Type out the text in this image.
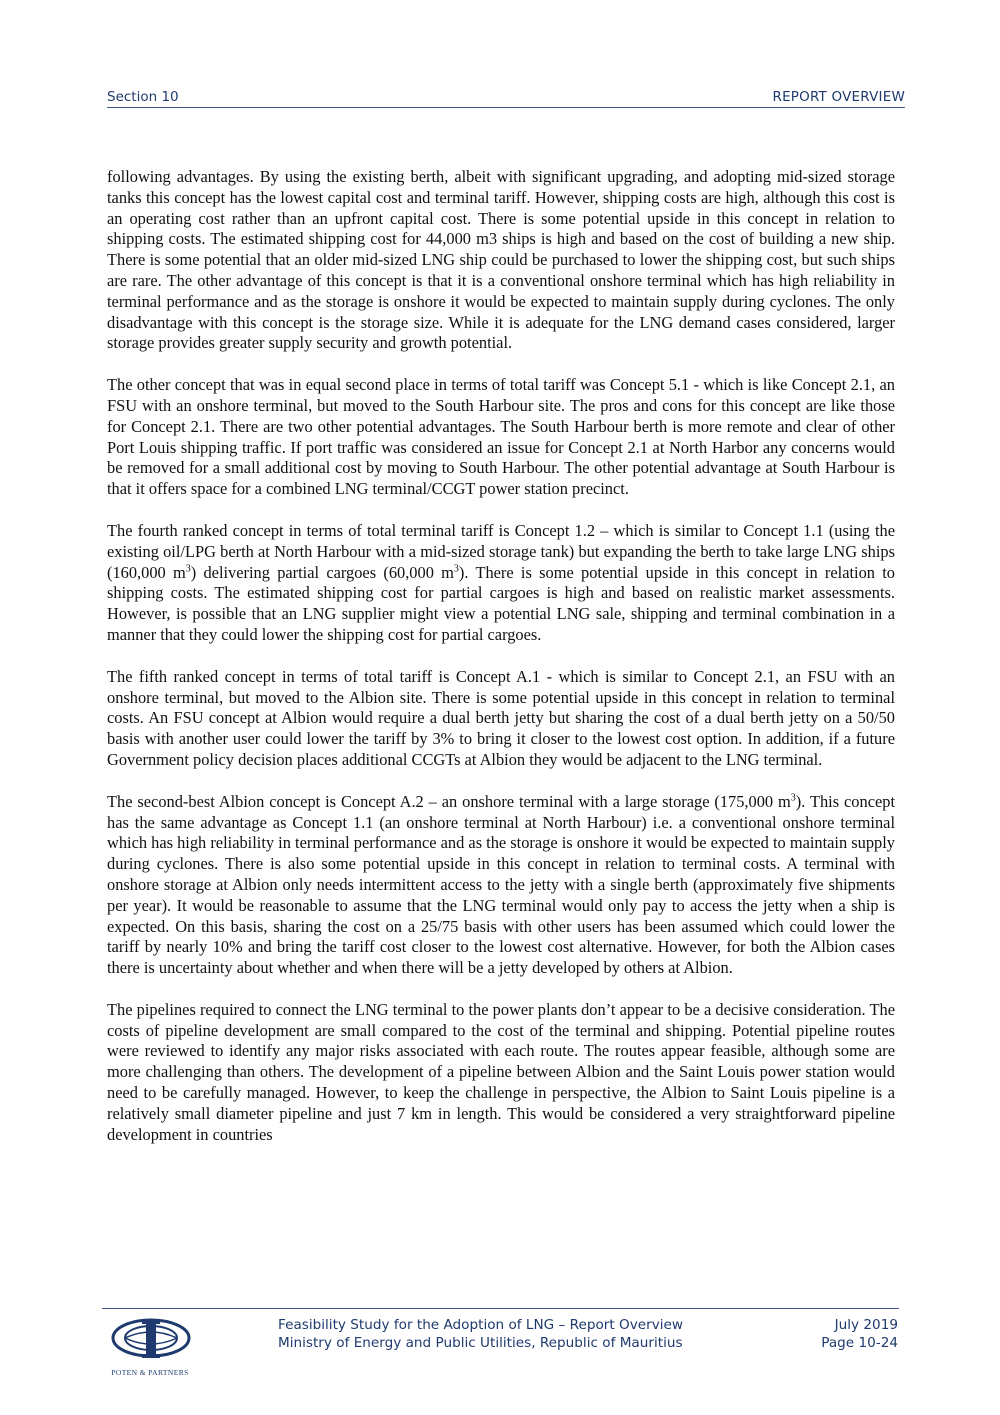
Section 10	REPORT OVERVIEW

following advantages. By using the existing berth, albeit with significant upgrading, and adopting mid-sized storage tanks this concept has the lowest capital cost and terminal tariff. However, shipping costs are high, although this cost is an operating cost rather than an upfront capital cost. There is some potential upside in this concept in relation to shipping costs. The estimated shipping cost for 44,000 m3 ships is high and based on the cost of building a new ship. There is some potential that an older mid-sized LNG ship could be purchased to lower the shipping cost, but such ships are rare. The other advantage of this concept is that it is a conventional onshore terminal which has high reliability in terminal performance and as the storage is onshore it would be expected to maintain supply during cyclones. The only disadvantage with this concept is the storage size. While it is adequate for the LNG demand cases considered, larger storage provides greater supply security and growth potential.

The other concept that was in equal second place in terms of total tariff was Concept 5.1 - which is like Concept 2.1, an FSU with an onshore terminal, but moved to the South Harbour site. The pros and cons for this concept are like those for Concept 2.1. There are two other potential advantages. The South Harbour berth is more remote and clear of other Port Louis shipping traffic. If port traffic was considered an issue for Concept 2.1 at North Harbor any concerns would be removed for a small additional cost by moving to South Harbour. The other potential advantage at South Harbour is that it offers space for a combined LNG terminal/CCGT power station precinct.

The fourth ranked concept in terms of total terminal tariff is Concept 1.2 – which is similar to Concept 1.1 (using the existing oil/LPG berth at North Harbour with a mid-sized storage tank) but expanding the berth to take large LNG ships (160,000 $m^3$) delivering partial cargoes (60,000 $m^3$). There is some potential upside in this concept in relation to shipping costs. The estimated shipping cost for partial cargoes is high and based on realistic market assessments. However, is possible that an LNG supplier might view a potential LNG sale, shipping and terminal combination in a manner that they could lower the shipping cost for partial cargoes.

The fifth ranked concept in terms of total tariff is Concept A.1 - which is similar to Concept 2.1, an FSU with an onshore terminal, but moved to the Albion site. There is some potential upside in this concept in relation to terminal costs. An FSU concept at Albion would require a dual berth jetty but sharing the cost of a dual berth jetty on a 50/50 basis with another user could lower the tariff by 3% to bring it closer to the lowest cost option. In addition, if a future Government policy decision places additional CCGTs at Albion they would be adjacent to the LNG terminal.

The second-best Albion concept is Concept A.2 – an onshore terminal with a large storage (175,000 $m^3$). This concept has the same advantage as Concept 1.1 (an onshore terminal at North Harbour) i.e. a conventional onshore terminal which has high reliability in terminal performance and as the storage is onshore it would be expected to maintain supply during cyclones. There is also some potential upside in this concept in relation to terminal costs. A terminal with onshore storage at Albion only needs intermittent access to the jetty with a single berth (approximately five shipments per year). It would be reasonable to assume that the LNG terminal would only pay to access the jetty when a ship is expected. On this basis, sharing the cost on a 25/75 basis with other users has been assumed which could lower the tariff by nearly 10% and bring the tariff cost closer to the lowest cost alternative. However, for both the Albion cases there is uncertainty about whether and when there will be a jetty developed by others at Albion.

The pipelines required to connect the LNG terminal to the power plants don’t appear to be a decisive consideration. The costs of pipeline development are small compared to the cost of the terminal and shipping. Potential pipeline routes were reviewed to identify any major risks associated with each route. The routes appear feasible, although some are more challenging than others. The development of a pipeline between Albion and the Saint Louis power station would need to be carefully managed. However, to keep the challenge in perspective, the Albion to Saint Louis pipeline is a relatively small diameter pipeline and just 7 km in length. This would be considered a very straightforward pipeline development in countries

POTEN & PARTNERS
Feasibility Study for the Adoption of LNG – Report Overview
Ministry of Energy and Public Utilities, Republic of Mauritius
July 2019
Page 10-24
